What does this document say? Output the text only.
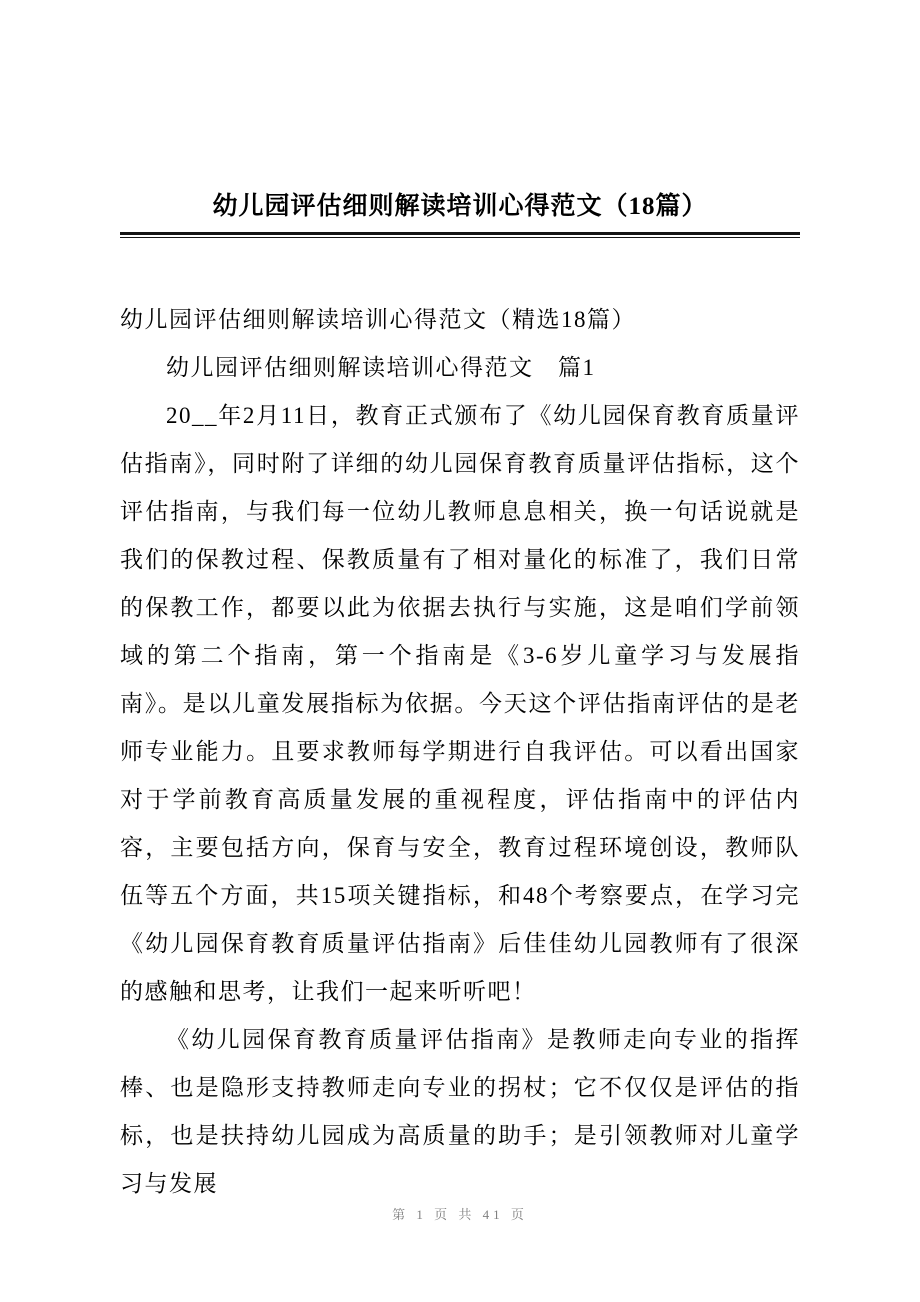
幼儿园评估细则解读培训心得范文（18篇）

幼儿园评估细则解读培训心得范文（精选18篇）

幼儿园评估细则解读培训心得范文　篇1

20__年2月11日，教育正式颁布了《幼儿园保育教育质量评估指南》，同时附了详细的幼儿园保育教育质量评估指标，这个评估指南，与我们每一位幼儿教师息息相关，换一句话说就是我们的保教过程、保教质量有了相对量化的标准了，我们日常的保教工作，都要以此为依据去执行与实施，这是咱们学前领域的第二个指南，第一个指南是《3-6岁儿童学习与发展指南》。是以儿童发展指标为依据。今天这个评估指南评估的是老师专业能力。且要求教师每学期进行自我评估。可以看出国家对于学前教育高质量发展的重视程度，评估指南中的评估内容，主要包括方向，保育与安全，教育过程环境创设，教师队伍等五个方面，共15项关键指标，和48个考察要点，在学习完《幼儿园保育教育质量评估指南》后佳佳幼儿园教师有了很深的感触和思考，让我们一起来听听吧！

《幼儿园保育教育质量评估指南》是教师走向专业的指挥棒、也是隐形支持教师走向专业的拐杖；它不仅仅是评估的指标，也是扶持幼儿园成为高质量的助手；是引领教师对儿童学习与发展

第 1 页 共 41 页
